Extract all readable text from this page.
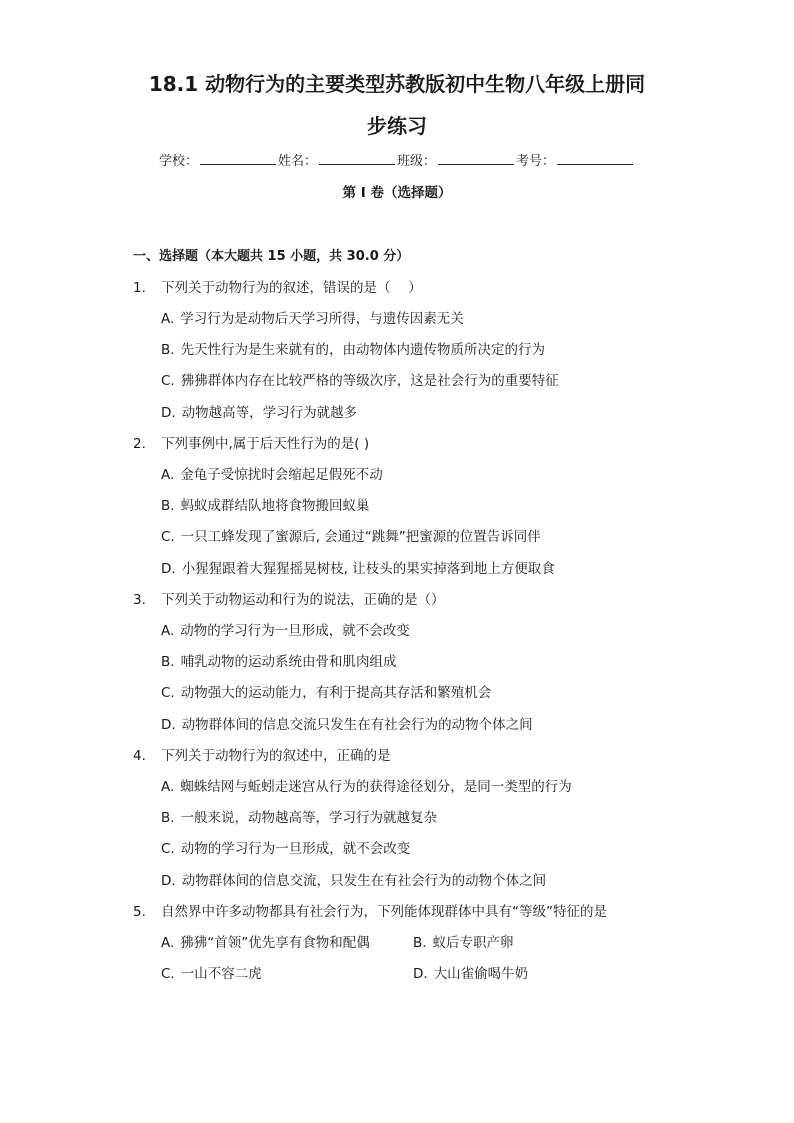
18.1 动物行为的主要类型苏教版初中生物八年级上册同
步练习
学校：	姓名：	班级：	考号：
第 I 卷（选择题）
一、选择题（本大题共 15 小题，共 30.0 分）
1. 下列关于动物行为的叙述，错误的是（　 ）
A. 学习行为是动物后天学习所得，与遗传因素无关
B. 先天性行为是生来就有的，由动物体内遗传物质所决定的行为
C. 狒狒群体内存在比较严格的等级次序，这是社会行为的重要特征
D. 动物越高等，学习行为就越多
2. 下列事例中,属于后天性行为的是( )
A. 金龟子受惊扰时会缩起足假死不动
B. 蚂蚁成群结队地将食物搬回蚁巢
C. 一只工蜂发现了蜜源后, 会通过“跳舞”把蜜源的位置告诉同伴
D. 小猩猩跟着大猩猩摇晃树枝, 让枝头的果实掉落到地上方便取食
3. 下列关于动物运动和行为的说法，正确的是（）
A. 动物的学习行为一旦形成，就不会改变
B. 哺乳动物的运动系统由骨和肌肉组成
C. 动物强大的运动能力，有利于提高其存活和繁殖机会
D. 动物群体间的信息交流只发生在有社会行为的动物个体之间
4. 下列关于动物行为的叙述中，正确的是
A. 蜘蛛结网与蚯蚓走迷宫从行为的获得途径划分，是同一类型的行为
B. 一般来说，动物越高等，学习行为就越复杂
C. 动物的学习行为一旦形成，就不会改变
D. 动物群体间的信息交流，只发生在有社会行为的动物个体之间
5. 自然界中许多动物都具有社会行为，下列能体现群体中具有“等级”特征的是
A. 狒狒“首领”优先享有食物和配偶	B. 蚁后专职产卵
C. 一山不容二虎	D. 大山雀偷喝牛奶
